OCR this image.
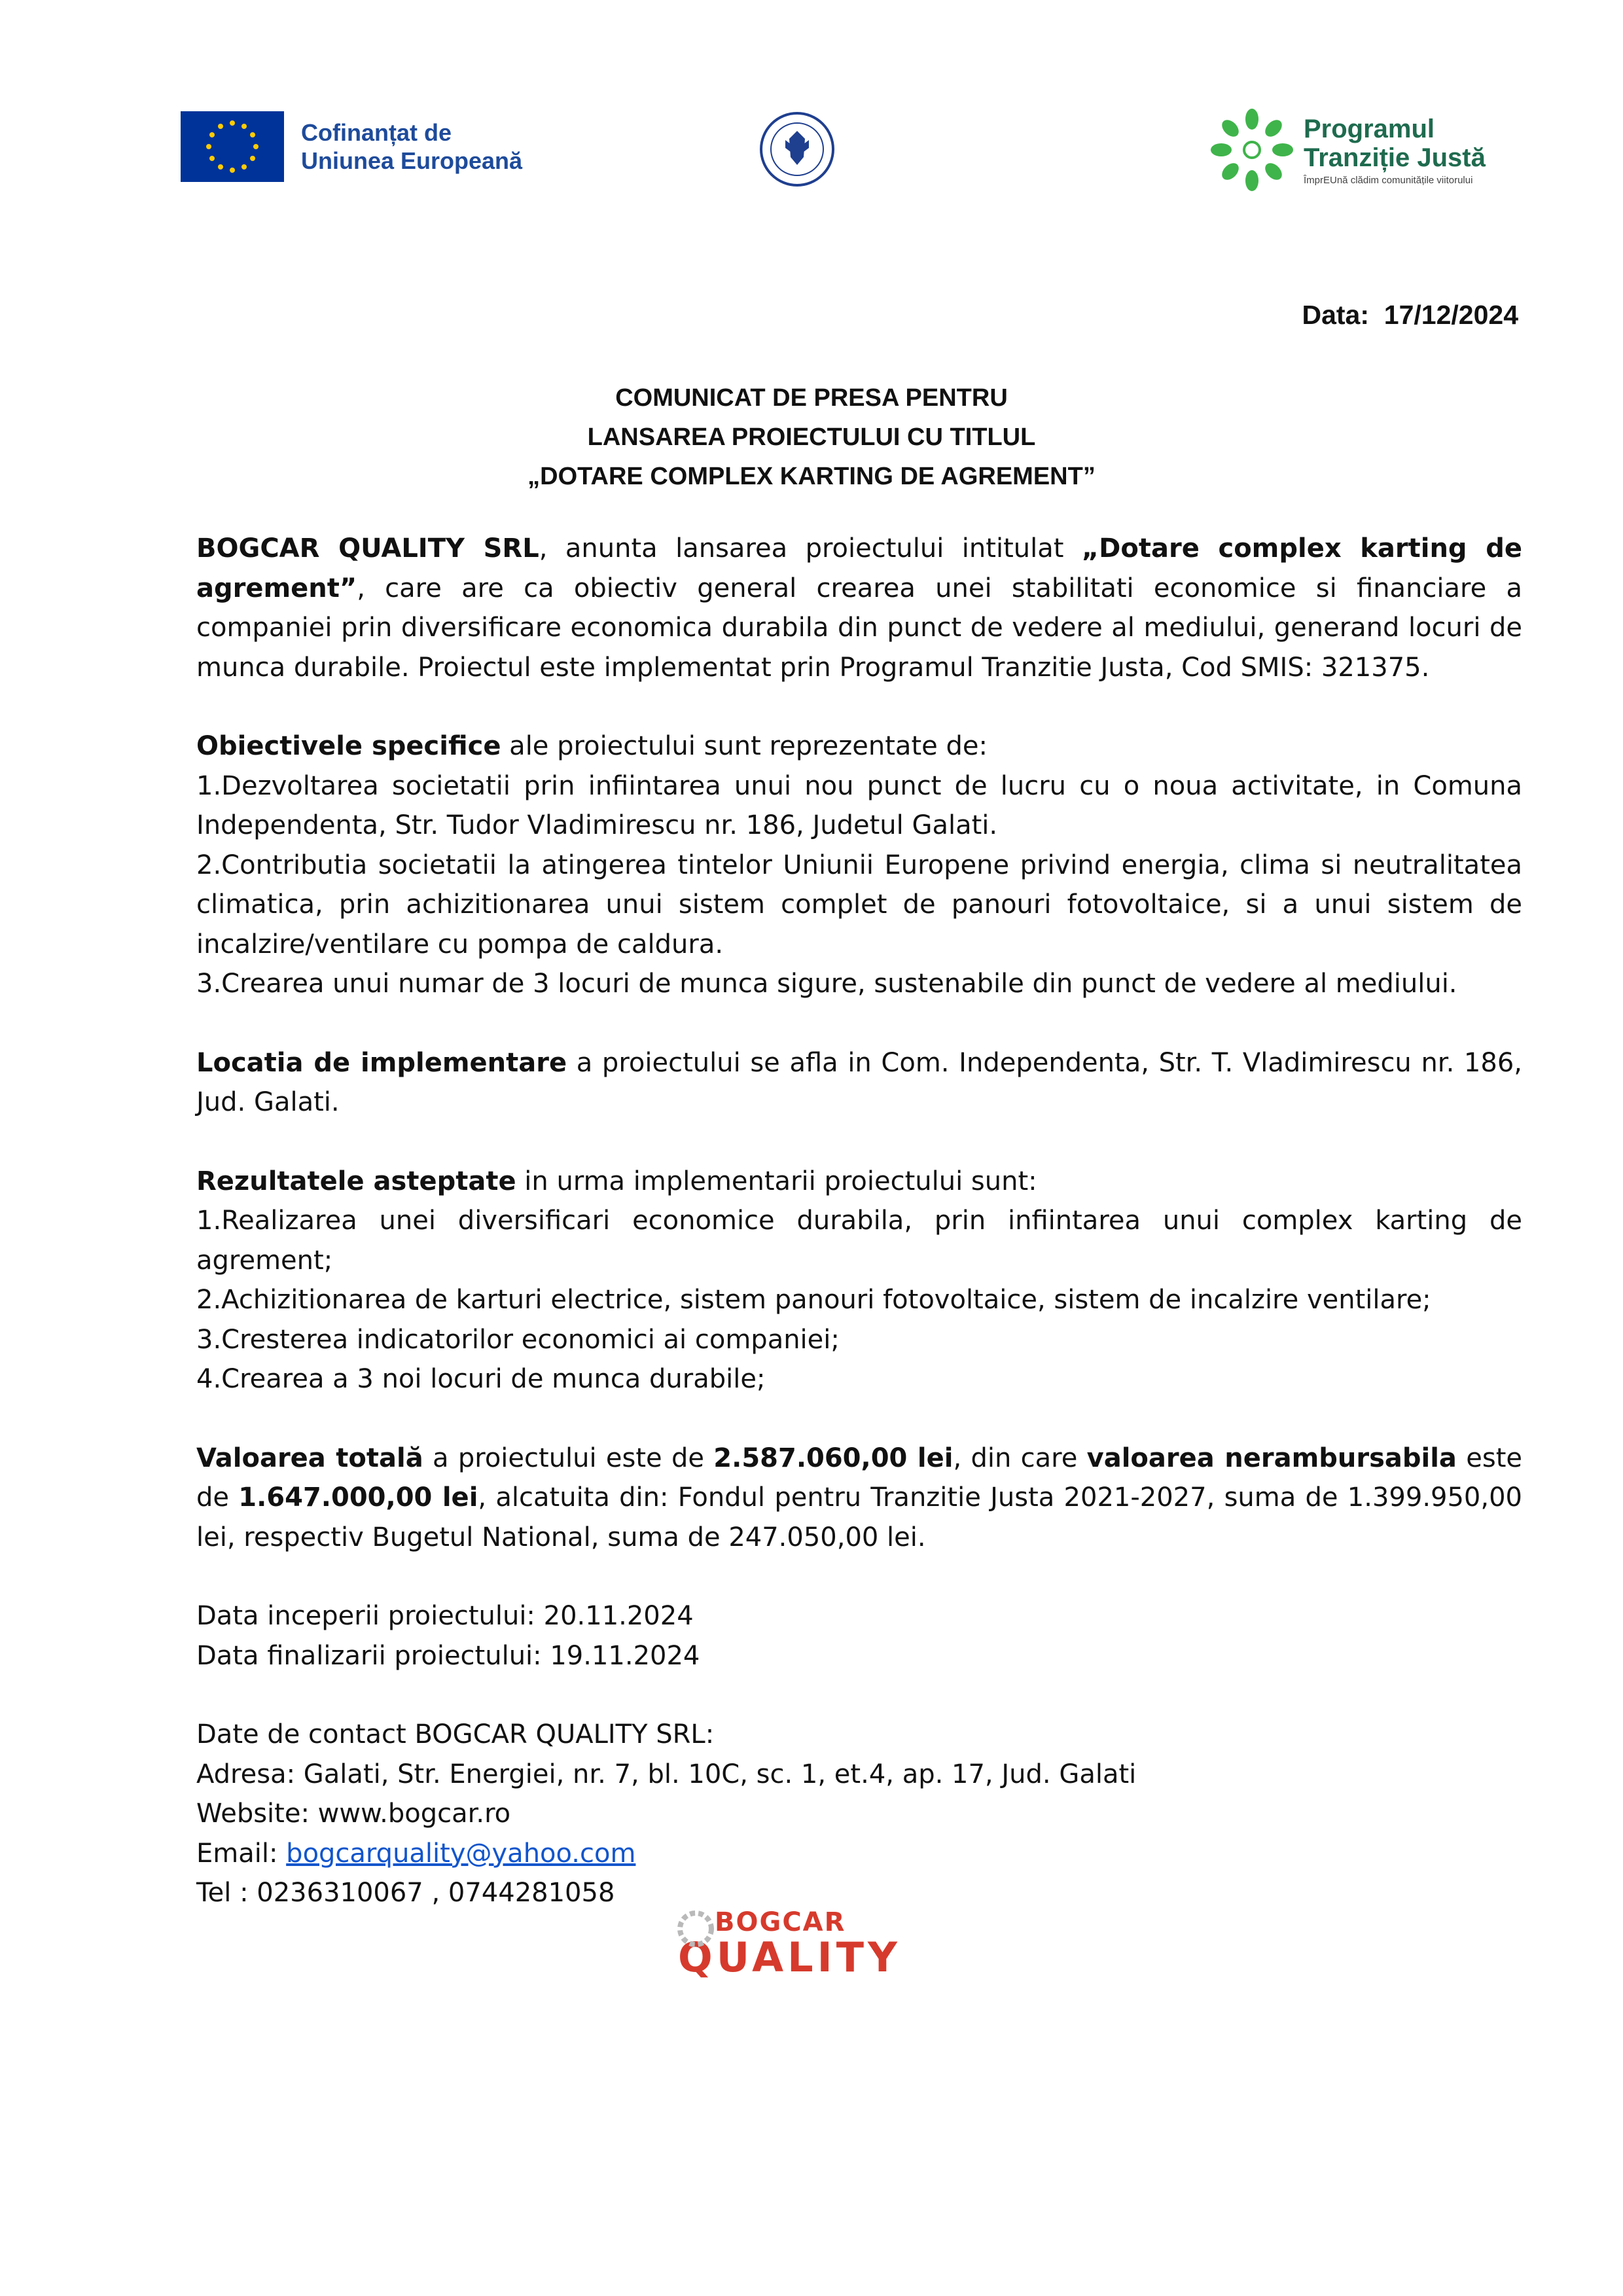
Cofinanțat de
Uniunea Europeană
Programul
Tranziție Justă
ÎmprEUnă clădim comunitățile viitorului
Data: 17/12/2024
COMUNICAT DE PRESA PENTRU
LANSAREA PROIECTULUI CU TITLUL
„DOTARE COMPLEX KARTING DE AGREMENT”

BOGCAR QUALITY SRL, anunta lansarea proiectului intitulat „Dotare complex karting de agrement”, care are ca obiectiv general crearea unei stabilitati economice si financiare a companiei prin diversificare economica durabila din punct de vedere al mediului, generand locuri de munca durabile. Proiectul este implementat prin Programul Tranzitie Justa, Cod SMIS: 321375.

Obiectivele specifice ale proiectului sunt reprezentate de:

1.Dezvoltarea societatii prin infiintarea unui nou punct de lucru cu o noua activitate, in Comuna Independenta, Str. Tudor Vladimirescu nr. 186, Judetul Galati.

2.Contributia societatii la atingerea tintelor Uniunii Europene privind energia, clima si neutralitatea climatica, prin achizitionarea unui sistem complet de panouri fotovoltaice, si a unui sistem de incalzire/ventilare cu pompa de caldura.

3.Crearea unui numar de 3 locuri de munca sigure, sustenabile din punct de vedere al mediului.

Locatia de implementare a proiectului se afla in Com. Independenta, Str. T. Vladimirescu nr. 186, Jud. Galati.

Rezultatele asteptate in urma implementarii proiectului sunt:

1.Realizarea unei diversificari economice durabila, prin infiintarea unui complex karting de agrement;

2.Achizitionarea de karturi electrice, sistem panouri fotovoltaice, sistem de incalzire ventilare;

3.Cresterea indicatorilor economici ai companiei;

4.Crearea a 3 noi locuri de munca durabile;

Valoarea totală a proiectului este de 2.587.060,00 lei, din care valoarea nerambursabila este de 1.647.000,00 lei, alcatuita din: Fondul pentru Tranzitie Justa 2021-2027, suma de 1.399.950,00 lei, respectiv Bugetul National, suma de 247.050,00 lei.

Data inceperii proiectului: 20.11.2024

Data finalizarii proiectului: 19.11.2024

Date de contact BOGCAR QUALITY SRL:

Adresa: Galati, Str. Energiei, nr. 7, bl. 10C, sc. 1, et.4, ap. 17, Jud. Galati

Website: www.bogcar.ro

Email: bogcarquality@yahoo.com

Tel : 0236310067 , 0744281058

BOGCAR
QUALITY
